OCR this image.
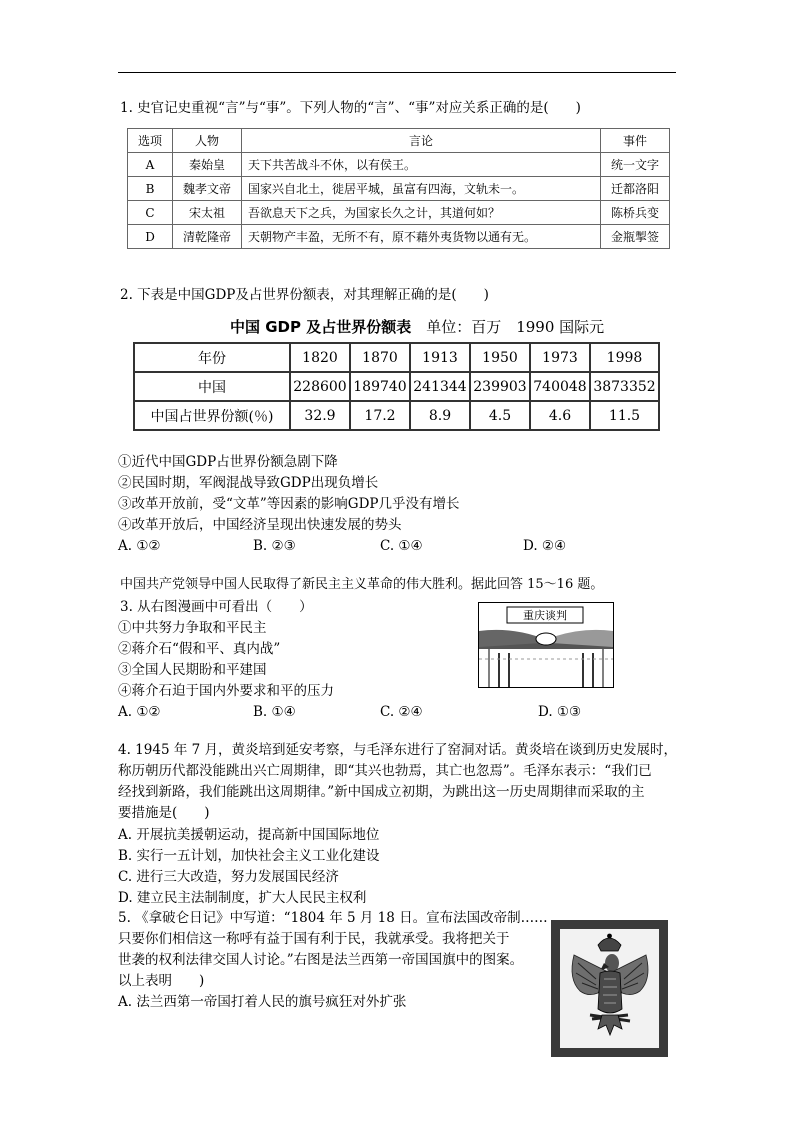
1. 史官记史重视“言”与“事”。下列人物的“言”、“事”对应关系正确的是(　　)
选项	人物	言论	事件
A	秦始皇	天下共苦战斗不休，以有侯王。	统一文字
B	魏孝文帝	国家兴自北土，徙居平城，虽富有四海，文轨未一。	迁都洛阳
C	宋太祖	吾欲息天下之兵，为国家长久之计，其道何如？	陈桥兵变
D	清乾隆帝	天朝物产丰盈，无所不有，原不藉外夷货物以通有无。	金瓶掣签
2. 下表是中国GDP及占世界份额表，对其理解正确的是(　　)
中国 GDP 及占世界份额表　 单位：百万　1990 国际元
年份	1820	1870	1913	1950	1973	1998
中国	228600	189740	241344	239903	740048	3873352
中国占世界份额(％)	32.9	17.2	8.9	4.5	4.6	11.5
①近代中国GDP占世界份额急剧下降
②民国时期，军阀混战导致GDP出现负增长
③改革开放前，受“文革”等因素的影响GDP几乎没有增长
④改革开放后，中国经济呈现出快速发展的势头
A. ①②	B. ②③	C. ①④	D. ②④
中国共产党领导中国人民取得了新民主主义革命的伟大胜利。据此回答 15～16 题。
3. 从右图漫画中可看出（　　）
①中共努力争取和平民主
②蒋介石“假和平、真内战”
③全国人民期盼和平建国
④蒋介石迫于国内外要求和平的压力
A. ①②	B. ①④	C. ②④	D. ①③
重庆谈判
4. 1945 年 7 月，黄炎培到延安考察，与毛泽东进行了窑洞对话。黄炎培在谈到历史发展时，
称历朝历代都没能跳出兴亡周期律，即“其兴也勃焉，其亡也忽焉”。毛泽东表示：“我们已
经找到新路，我们能跳出这周期律。”新中国成立初期，为跳出这一历史周期律而采取的主
要措施是(　　)
A. 开展抗美援朝运动，提高新中国国际地位
B. 实行一五计划，加快社会主义工业化建设
C. 进行三大改造，努力发展国民经济
D. 建立民主法制制度，扩大人民民主权利
5. 《拿破仑日记》中写道：“1804 年 5 月 18 日。宣布法国改帝制……
只要你们相信这一称呼有益于国有利于民，我就承受。我将把关于
世袭的权利法律交国人讨论。”右图是法兰西第一帝国国旗中的图案。
以上表明　　)
A. 法兰西第一帝国打着人民的旗号疯狂对外扩张
